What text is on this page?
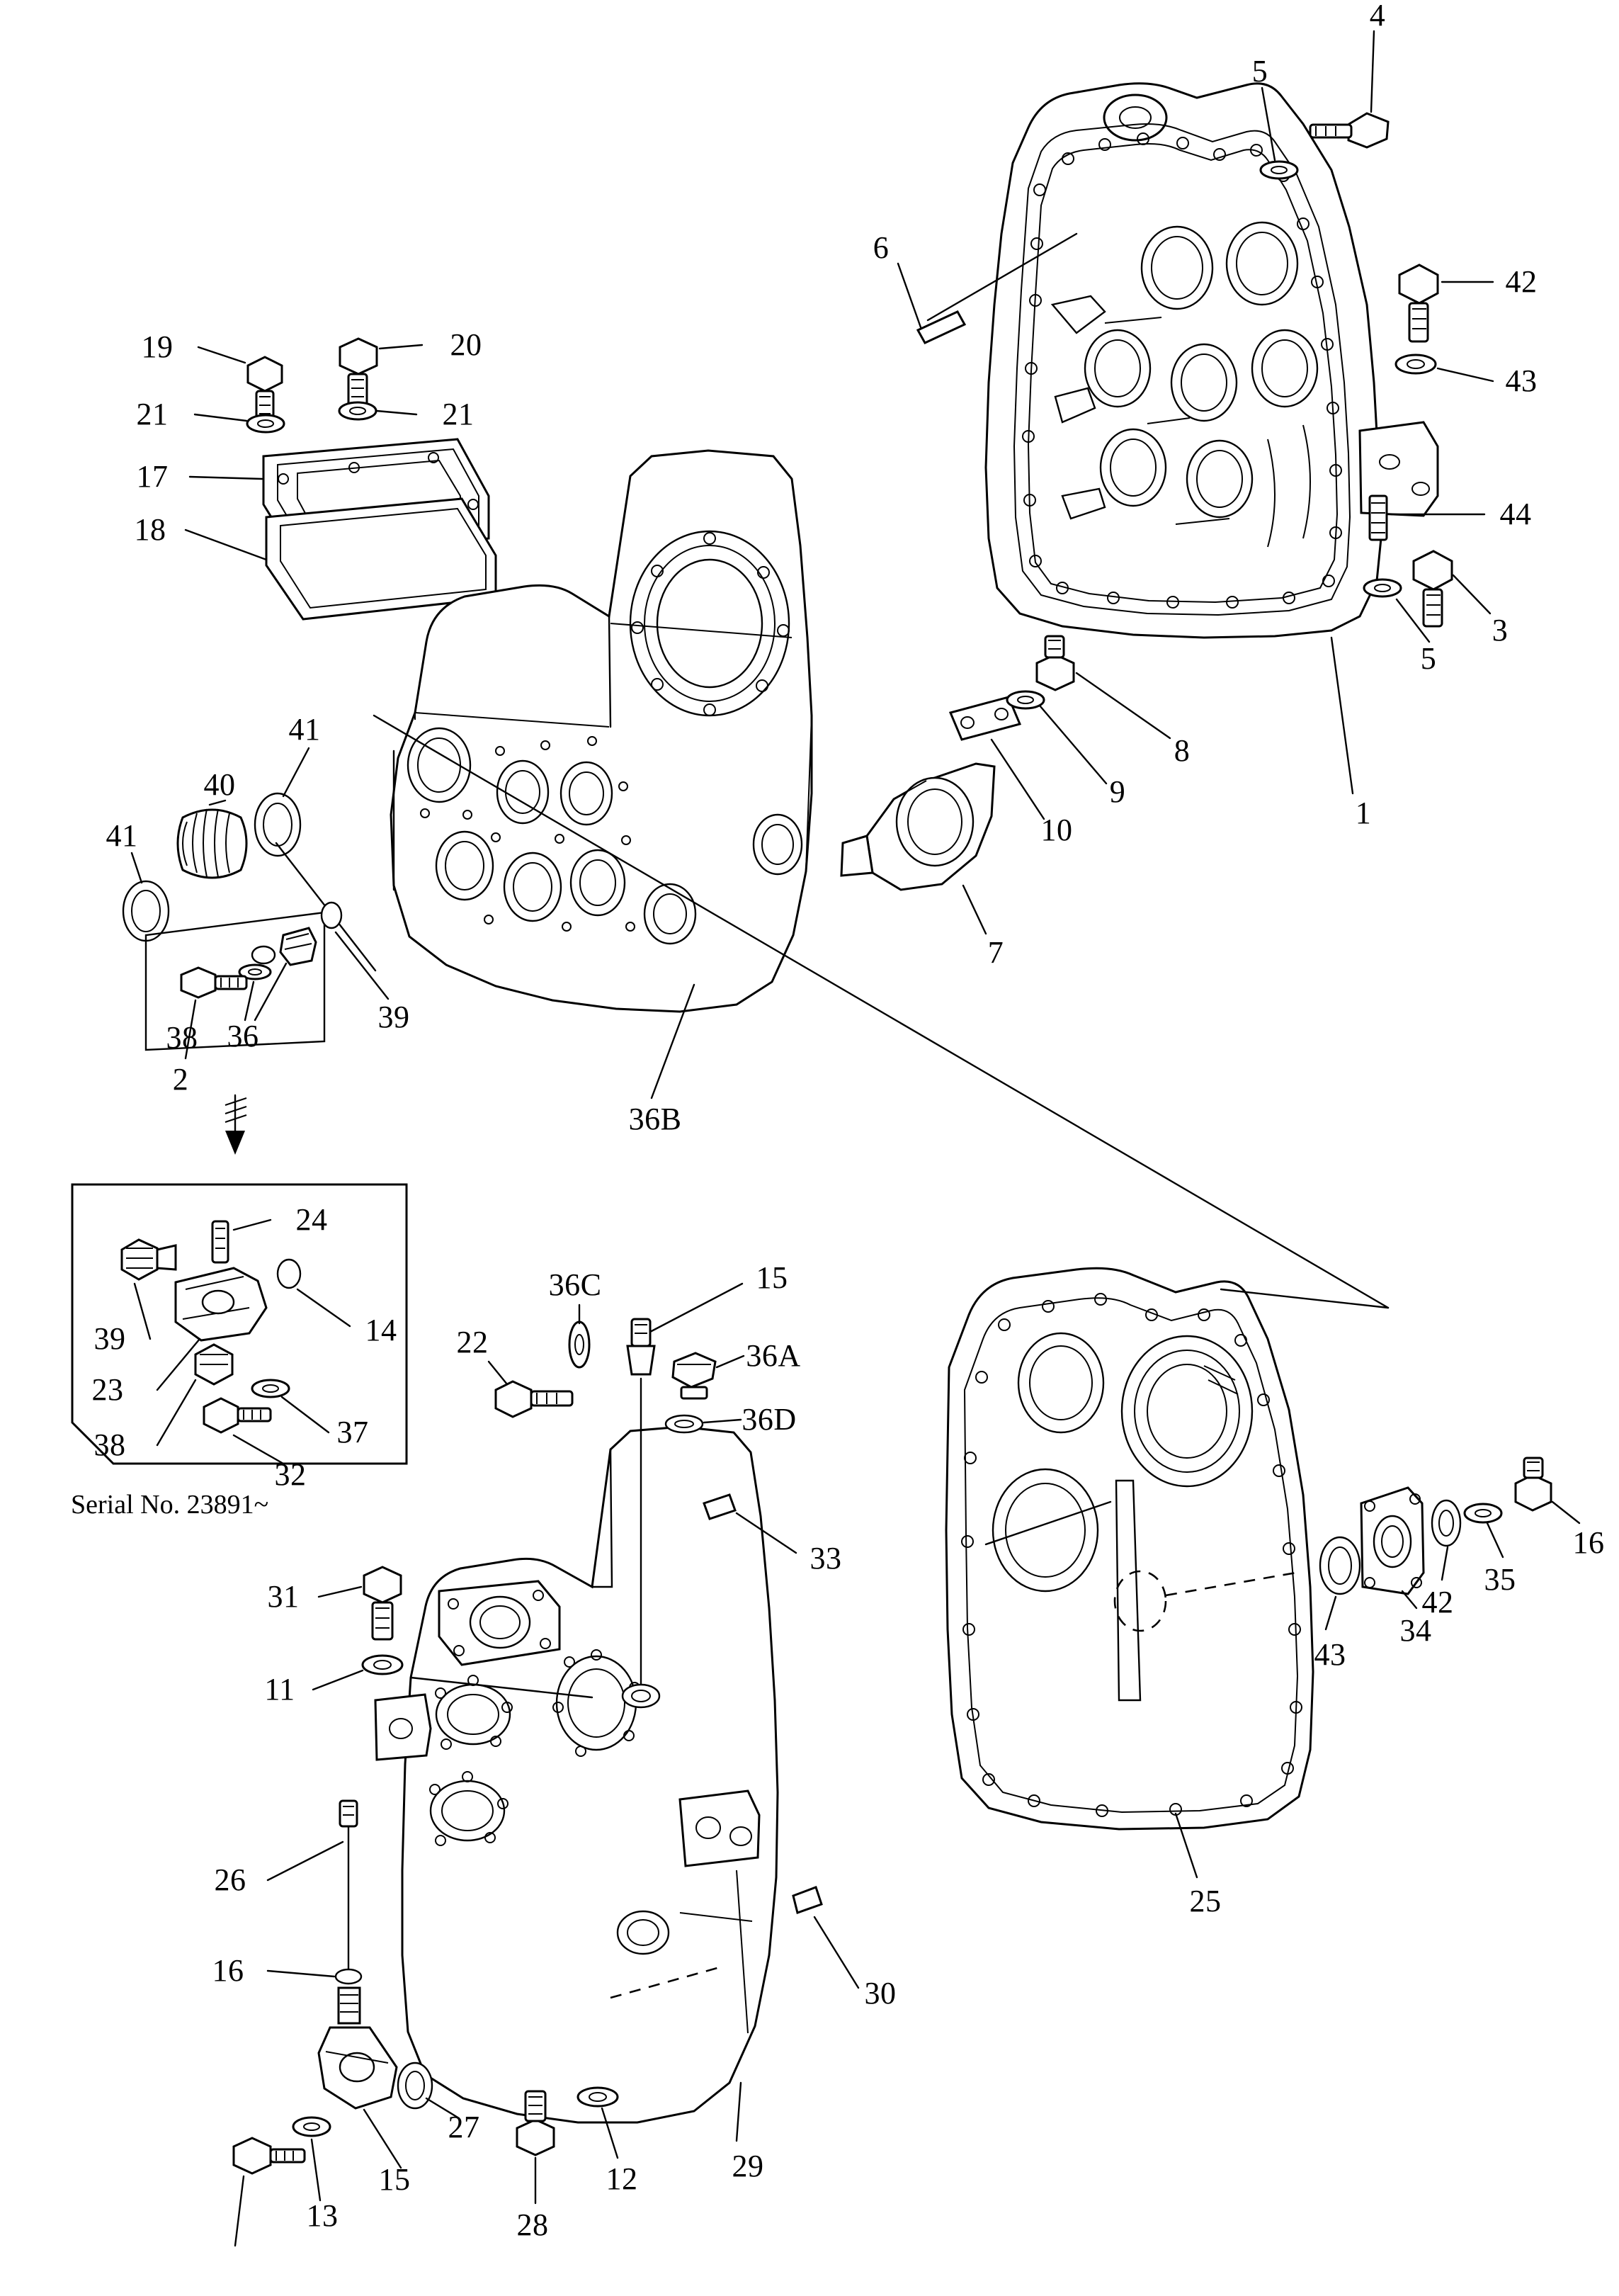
4
5
6
42
19	20
43
21	21
17
44
18
3
5
41
8
40
1
9
10
41
7
39
36
38
2
36B
24
15
36C
39	14 22	36A
23
36D
38	37
32
16
33
35
42
31
34
43
11
25
26
16
30
27
15	12	29
13	28
Serial No. 23891~
